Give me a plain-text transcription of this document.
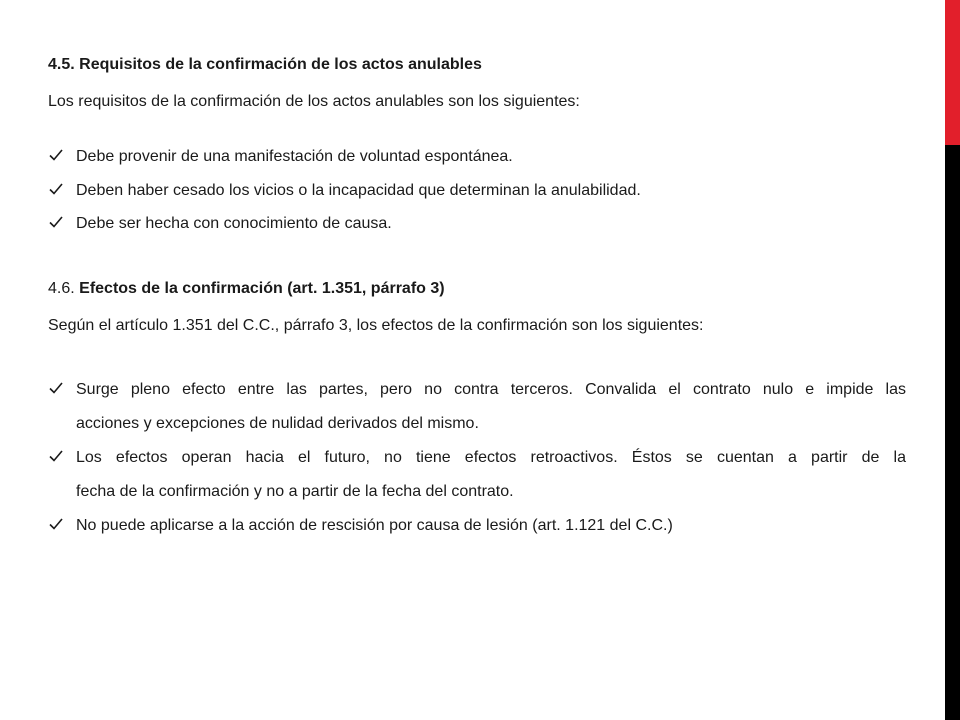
4.5. Requisitos de la confirmación de los actos anulables
Los requisitos de la confirmación de los actos anulables son los siguientes:
Debe provenir de una manifestación de voluntad espontánea.
Deben haber cesado los vicios o la incapacidad que determinan la anulabilidad.
Debe ser hecha con conocimiento de causa.
4.6. Efectos de la confirmación (art. 1.351, párrafo 3)
Según el artículo 1.351 del C.C., párrafo 3, los efectos de la confirmación son los siguientes:
Surge pleno efecto entre las partes, pero no contra terceros. Convalida el contrato nulo e impide las
acciones y excepciones de nulidad derivados del mismo.
Los efectos operan hacia el futuro, no tiene efectos retroactivos. Éstos se cuentan a partir de la
fecha de la confirmación y no a partir de la fecha del contrato.
No puede aplicarse a la acción de rescisión por causa de lesión (art. 1.121 del C.C.)
